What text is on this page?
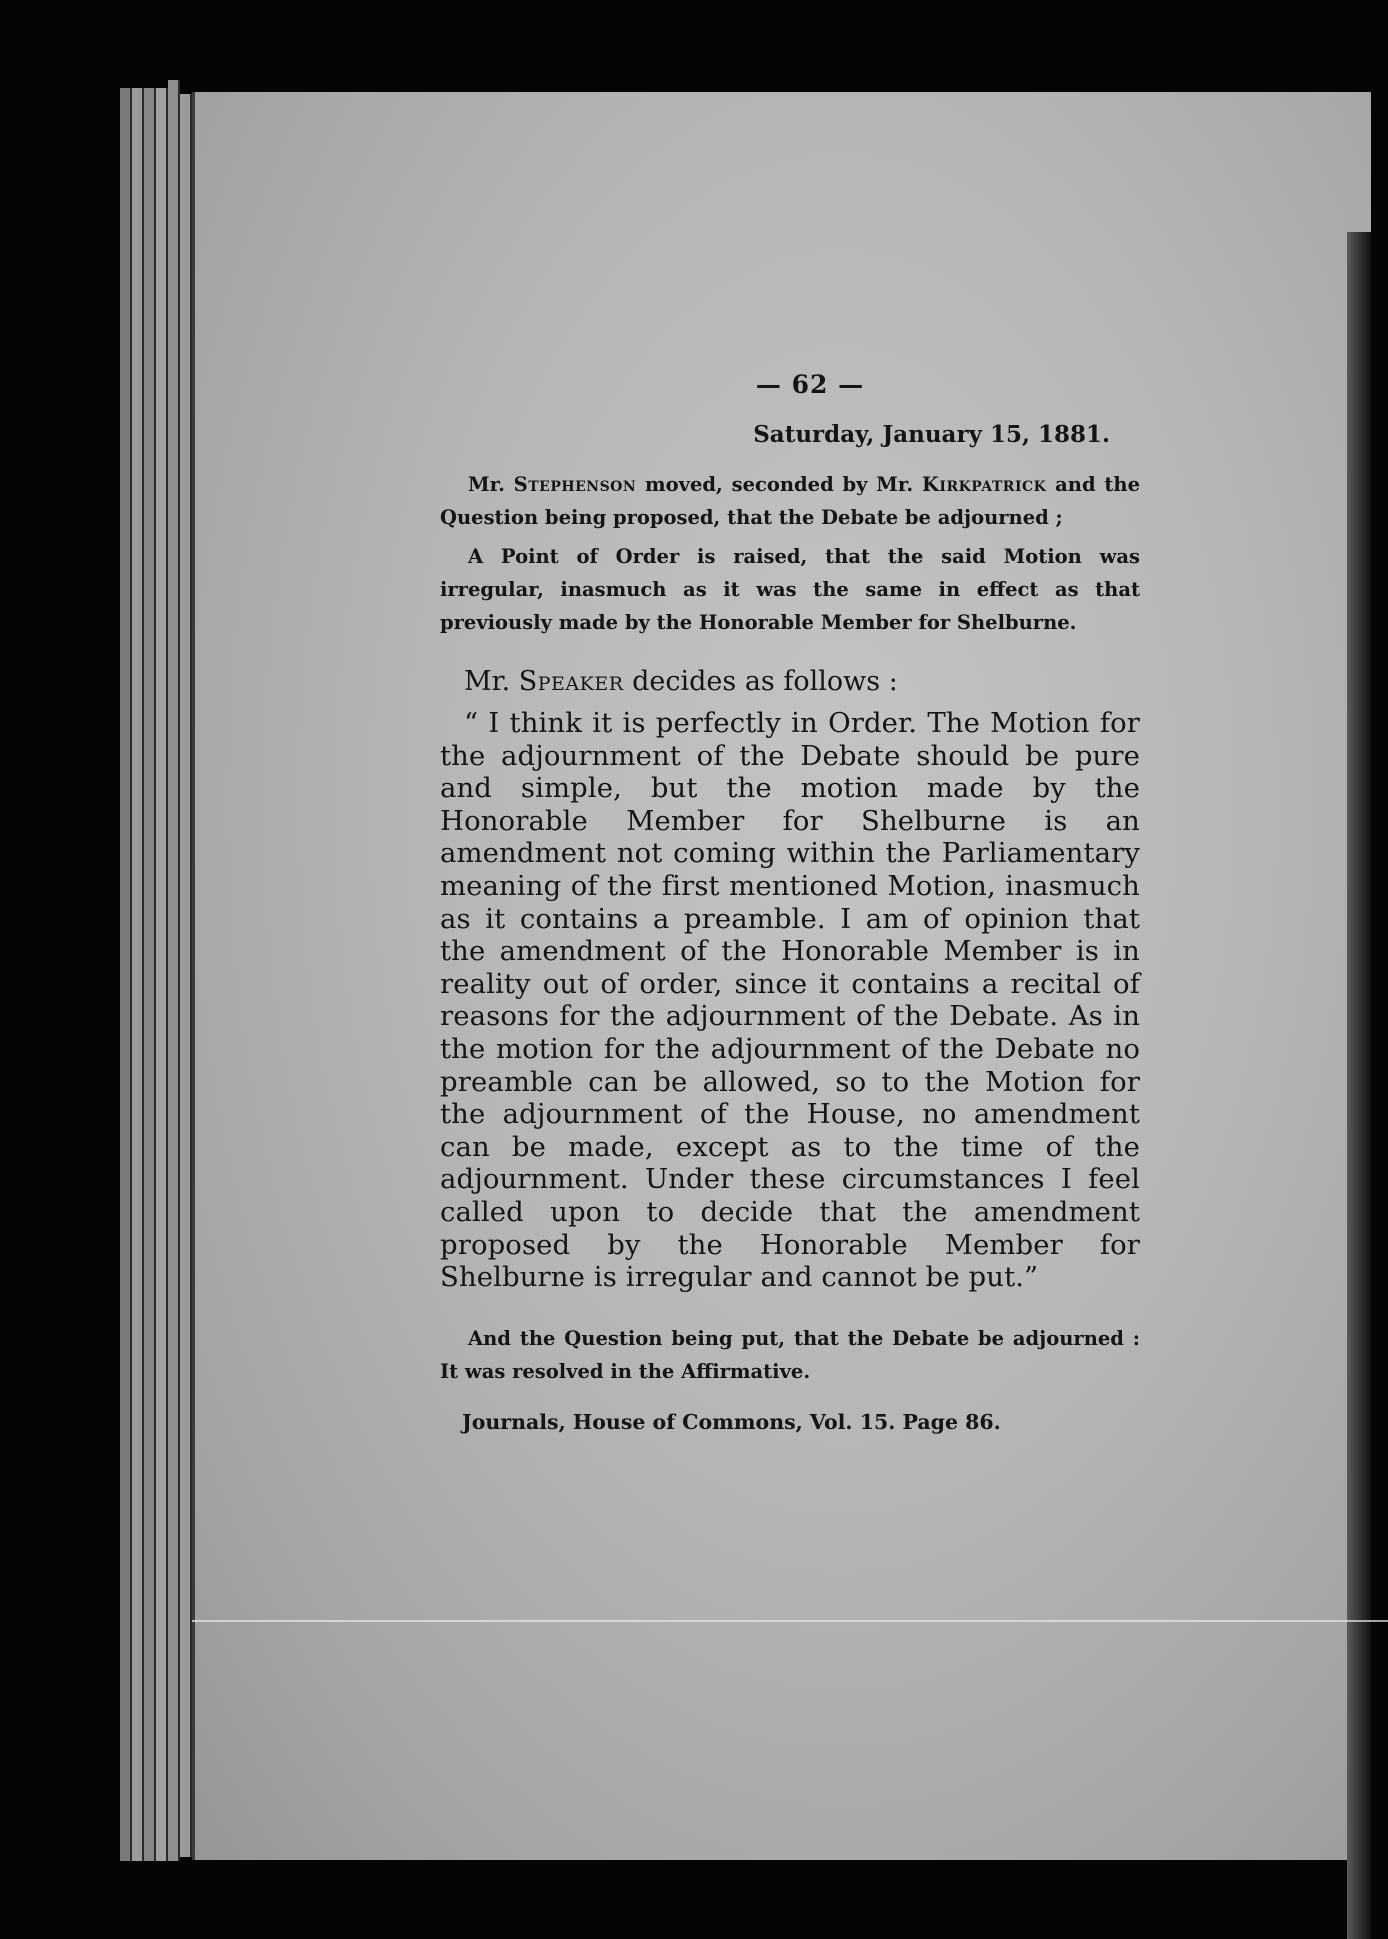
— 62 —
Saturday, January 15, 1881.

Mr. Stephenson moved, seconded by Mr. Kirkpatrick and the Question being proposed, that the Debate be adjourned ;

A Point of Order is raised, that the said Motion was irregular, inasmuch as it was the same in effect as that previously made by the Honorable Member for Shelburne.

Mr. Speaker decides as follows :

“ I think it is perfectly in Order. The Motion for the adjournment of the Debate should be pure and simple, but the motion made by the Honorable Member for Shelburne is an amendment not coming within the Parliamentary meaning of the first mentioned Motion, inasmuch as it contains a preamble. I am of opinion that the amendment of the Honorable Member is in reality out of order, since it contains a recital of reasons for the adjournment of the Debate. As in the motion for the adjournment of the Debate no preamble can be allowed, so to the Motion for the adjournment of the House, no amendment can be made, except as to the time of the adjournment. Under these circumstances I feel called upon to decide that the amendment proposed by the Honorable Member for Shelburne is irregular and cannot be put.”

And the Question being put, that the Debate be adjourned : It was resolved in the Affirmative.

Journals, House of Commons, Vol. 15. Page 86.
